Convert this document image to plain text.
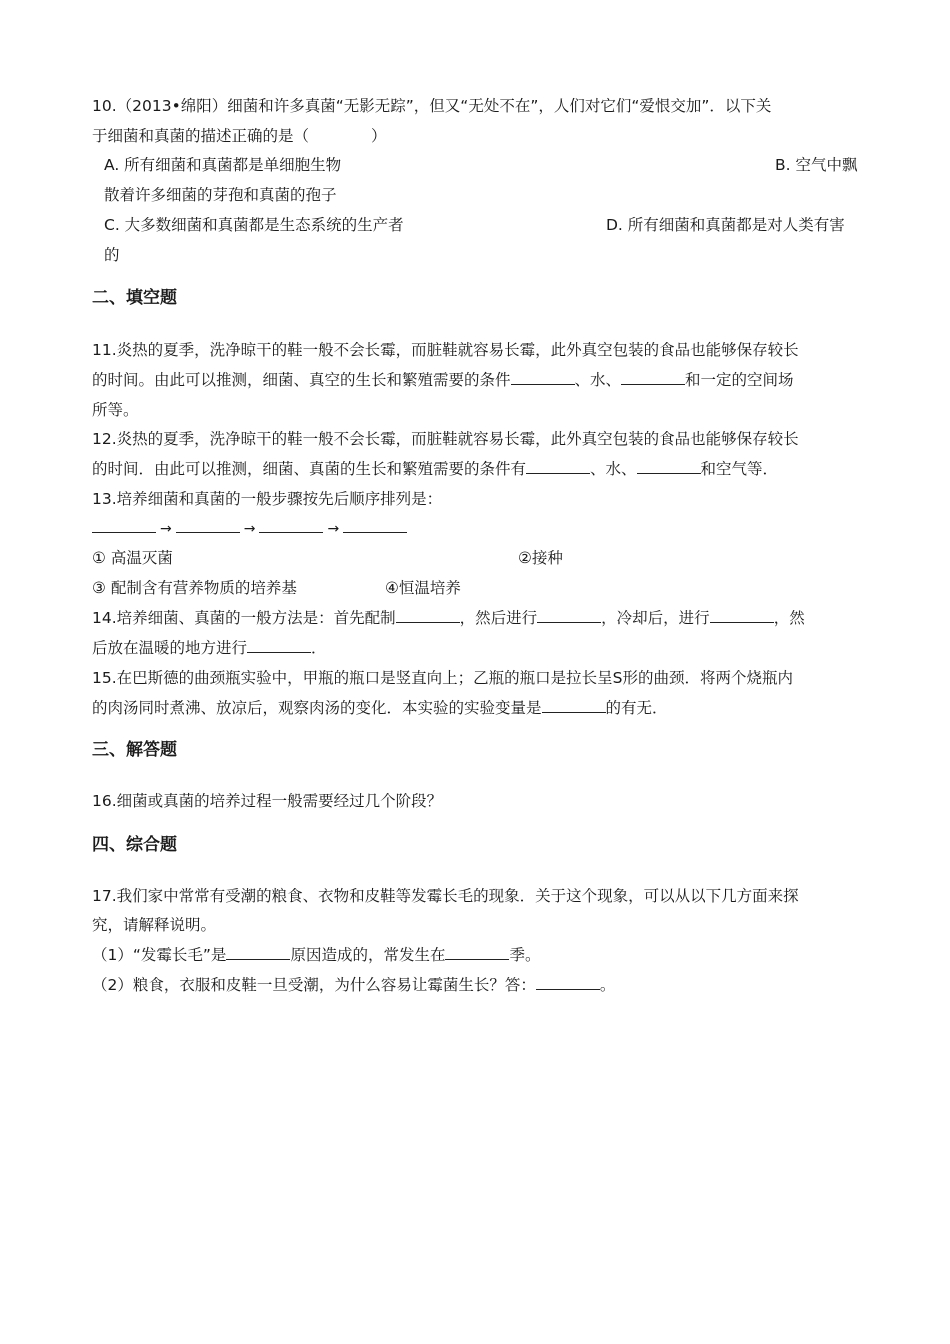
10.（2013•绵阳）细菌和许多真菌“无影无踪”，但又“无处不在”，人们对它们“爱恨交加”．以下关
于细菌和真菌的描述正确的是（　　　　）
A. 所有细菌和真菌都是单细胞生物	B. 空气中飘
散着许多细菌的芽孢和真菌的孢子
C. 大多数细菌和真菌都是生态系统的生产者	D. 所有细菌和真菌都是对人类有害
的
二、填空题
11.炎热的夏季，洗净晾干的鞋一般不会长霉，而脏鞋就容易长霉，此外真空包装的食品也能够保存较长
的时间。由此可以推测，细菌、真空的生长和繁殖需要的条件	、水、	和一定的空间场
所等。
12.炎热的夏季，洗净晾干的鞋一般不会长霉，而脏鞋就容易长霉，此外真空包装的食品也能够保存较长
的时间．由此可以推测，细菌、真菌的生长和繁殖需要的条件有	、水、	和空气等．
13.培养细菌和真菌的一般步骤按先后顺序排列是：
→	→	→
① 高温灭菌	②接种
③ 配制含有营养物质的培养基	④恒温培养
14.培养细菌、真菌的一般方法是：首先配制	，然后进行	，冷却后，进行	，然
后放在温暖的地方进行	．
15.在巴斯德的曲颈瓶实验中，甲瓶的瓶口是竖直向上；乙瓶的瓶口是拉长呈S形的曲颈．将两个烧瓶内
的肉汤同时煮沸、放凉后，观察肉汤的变化．本实验的实验变量是	的有无．
三、解答题
16.细菌或真菌的培养过程一般需要经过几个阶段？
四、综合题
17.我们家中常常有受潮的粮食、衣物和皮鞋等发霉长毛的现象．关于这个现象，可以从以下几方面来探
究，请解释说明。
（1）“发霉长毛”是	原因造成的，常发生在	季。
（2）粮食，衣服和皮鞋一旦受潮，为什么容易让霉菌生长？答：	。
